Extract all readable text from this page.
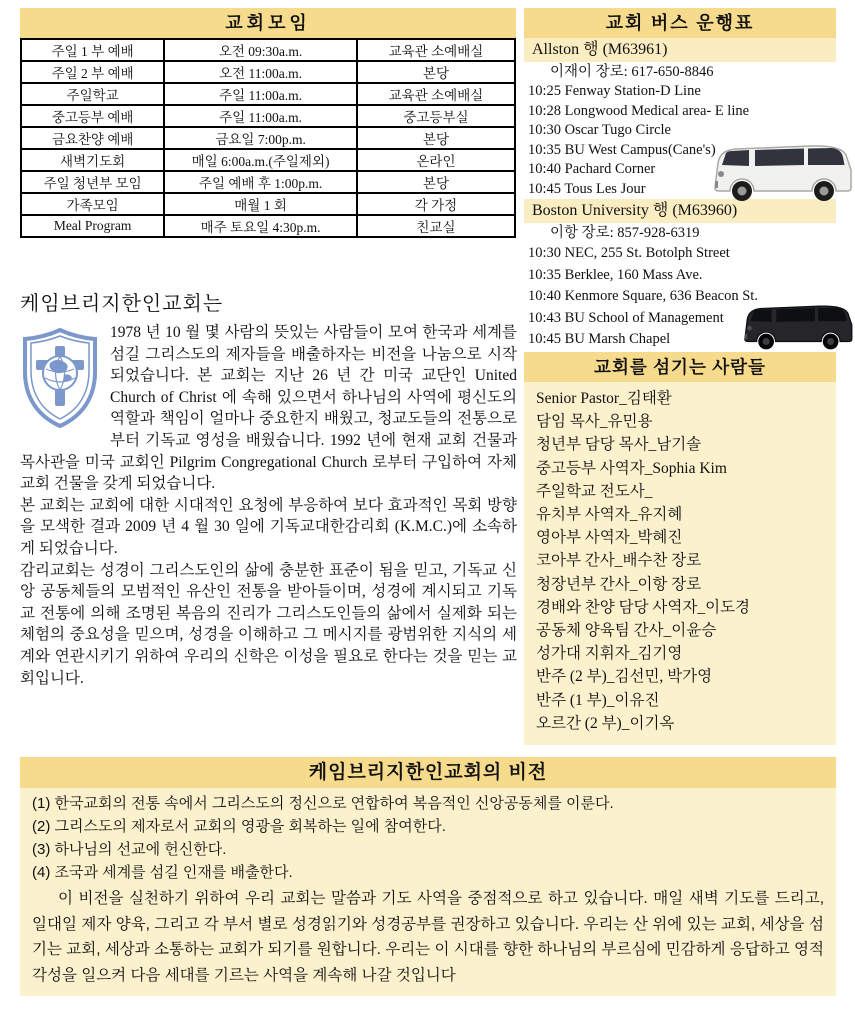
교회모임
주일 1 부 예배	오전 09:30a.m.	교육관 소예배실
주일 2 부 예배	오전 11:00a.m.	본당
주일학교	주일 11:00a.m.	교육관 소예배실
중고등부 예배	주일 11:00a.m.	중고등부실
금요찬양 예배	금요일 7:00p.m.	본당
새벽기도회	매일 6:00a.m.(주일제외)	온라인
주일 청년부 모임	주일 예배 후 1:00p.m.	본당
가족모임	매월 1 회	각 가정
Meal Program	매주 토요일 4:30p.m.	친교실
교회 버스 운행표
Allston 행 (M63961)
이재이 장로: 617-650-8846
10:25 Fenway Station-D Line
10:28 Longwood Medical area- E line
10:30 Oscar Tugo Circle
10:35 BU West Campus(Cane's)
10:40 Pachard Corner
10:45 Tous Les Jour
Boston University 행 (M63960)
이항 장로: 857-928-6319
10:30 NEC, 255 St. Botolph Street
10:35 Berklee, 160 Mass Ave.
10:40 Kenmore Square, 636 Beacon St.
10:43 BU School of Management
10:45 BU Marsh Chapel
교회를 섬기는 사람들
Senior Pastor_김태환
담임 목사_유민용
청년부 담당 목사_남기솔
중고등부 사역자_Sophia Kim
주일학교 전도사_
유치부 사역자_유지혜
영아부 사역자_박혜진
코아부 간사_배수찬 장로
청장년부 간사_이항 장로
경배와 찬양 담당 사역자_이도경
공동체 양육팀 간사_이윤승
성가대 지휘자_김기영
반주 (2 부)_김선민, 박가영
반주 (1 부)_이유진
오르간 (2 부)_이기옥
케임브리지한인교회는

1978 년 10 월 몇 사람의 뜻있는 사람들이 모여 한국과 세계를 섬길 그리스도의 제자들을 배출하자는 비전을 나눔으로 시작되었습니다. 본 교회는 지난 26 년 간 미국 교단인 United Church of Christ 에 속해 있으면서 하나님의 사역에 평신도의 역할과 책임이 얼마나 중요한지 배웠고, 청교도들의 전통으로부터 기독교 영성을 배웠습니다. 1992 년에 현재 교회 건물과 목사관을 미국 교회인 Pilgrim Congregational Church 로부터 구입하여 자체 교회 건물을 갖게 되었습니다.

본 교회는 교회에 대한 시대적인 요청에 부응하여 보다 효과적인 목회 방향을 모색한 결과 2009 년 4 월 30 일에 기독교대한감리회 (K.M.C.)에 소속하게 되었습니다.

감리교회는 성경이 그리스도인의 삶에 충분한 표준이 됨을 믿고, 기독교 신앙 공동체들의 모범적인 유산인 전통을 받아들이며, 성경에 계시되고 기독교 전통에 의해 조명된 복음의 진리가 그리스도인들의 삶에서 실제화 되는 체험의 중요성을 믿으며, 성경을 이해하고 그 메시지를 광범위한 지식의 세계와 연관시키기 위하여 우리의 신학은 이성을 필요로 한다는 것을 믿는 교회입니다.

케임브리지한인교회의 비전
(1) 한국교회의 전통 속에서 그리스도의 정신으로 연합하여 복음적인 신앙공동체를 이룬다.
(2) 그리스도의 제자로서 교회의 영광을 회복하는 일에 참여한다.
(3) 하나님의 선교에 헌신한다.
(4) 조국과 세계를 섬길 인재를 배출한다.

이 비전을 실천하기 위하여 우리 교회는 말씀과 기도 사역을 중점적으로 하고 있습니다. 매일 새벽 기도를 드리고, 일대일 제자 양육, 그리고 각 부서 별로 성경읽기와 성경공부를 권장하고 있습니다. 우리는 산 위에 있는 교회, 세상을 섬기는 교회, 세상과 소통하는 교회가 되기를 원합니다. 우리는 이 시대를 향한 하나님의 부르심에 민감하게 응답하고 영적 각성을 일으켜 다음 세대를 기르는 사역을 계속해 나갈 것입니다
